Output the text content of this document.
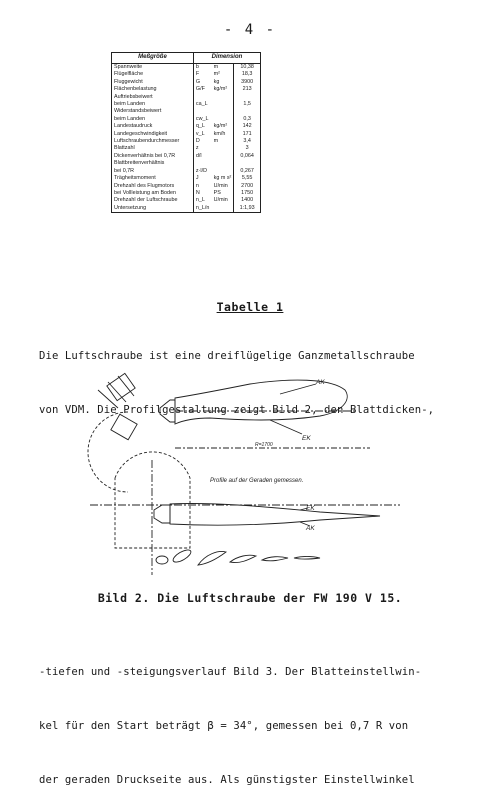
- 4 -
Meßgröße	Dimension		
Spannweite	b	m	10,38
Flügelfläche	F	m²	18,3
Fluggewicht	G	kg	3900
Flächenbelastung	G/F	kg/m²	213
Auftriebsbeiwert			
beim Landen	ca_L		1,5
Widerstandsbeiwert			
beim Landen	cw_L		0,3
Landestaudruck	q_L	kg/m²	142
Landegeschwindigkeit	v_L	km/h	171
Luftschraubendurchmesser	D	m	3,4
Blattzahl	z		3
Dickenverhältnis bei 0,7R	d/l		0,064
Blattbreitenverhältnis			
bei 0,7R	z·l/D		0,267
Trägheitsmoment	J	kg m s²	5,55
Drehzahl des Flugmotors	n	U/min	2700
bei Vollleistung am Boden	N	PS	1750
Drehzahl der Luftschraube	n_L	U/min	1400
Untersetzung	n_L/n		1:1,93
Tabelle 1

Die Luftschraube ist eine dreiflügelige Ganzmetallschraube

von VDM. Die Profilgestaltung zeigt Bild 2, den Blattdicken-,

AK
EK
R=1700
Profile auf der Geraden gemessen.
EK
AK
Bild 2. Die Luftschraube der FW 190 V 15.

-tiefen und -steigungsverlauf Bild 3. Der Blatteinstellwin-

kel für den Start beträgt β = 34°, gemessen bei 0,7 R von

der geraden Druckseite aus. Als günstigster Einstellwinkel
